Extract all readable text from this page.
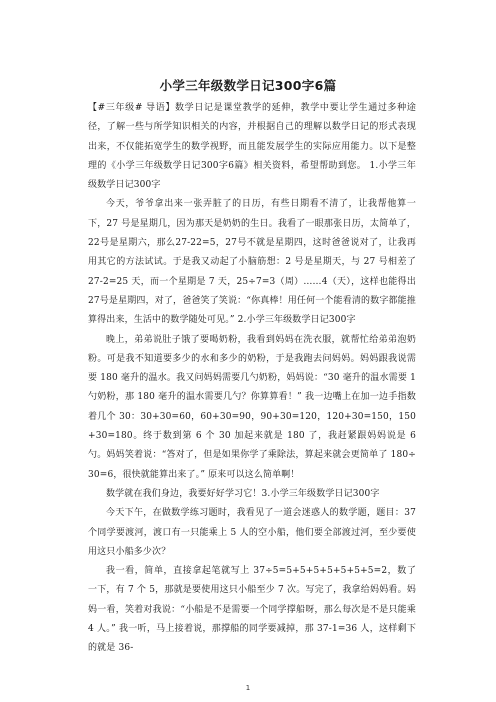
小学三年级数学日记300字6篇

【#三年级# 导语】数学日记是课堂教学的延伸，教学中要让学生通过多种途径，了解一些与所学知识相关的内容，并根据自己的理解以数学日记的形式表现出来，不仅能拓宽学生的数学视野，而且能发展学生的实际应用能力。以下是整理的《小学三年级数学日记300字6篇》相关资料，希望帮助到您。 1.小学三年级数学日记300字

今天，爷爷拿出来一张弄脏了的日历，有些日期看不清了，让我帮他算一下，27 号是星期几，因为那天是奶奶的生日。我看了一眼那张日历，太简单了，22号是星期六，那么27-22=5，27号不就是星期四，这时爸爸说对了，让我再用其它的方法试试。于是我又动起了小脑筋想：2 号是星期天，与 27 号相差了 27-2=25 天，而一个星期是 7 天，25÷7=3（周）……4（天），这样也能得出 27号是星期四，对了，爸爸笑了笑说：“你真棒！用任何一个能看清的数字都能推算得出来，生活中的数学随处可见。” 2.小学三年级数学日记300字

晚上，弟弟说肚子饿了要喝奶粉，我看到妈妈在洗衣服，就帮忙给弟弟泡奶粉。可是我不知道要多少的水和多少的奶粉，于是我跑去问妈妈。妈妈跟我说需要 180 毫升的温水。我又问妈妈需要几勺奶粉，妈妈说：“30 毫升的温水需要 1 勺奶粉，那 180 毫升的温水需要几勺？你算算看！” 我一边嘴上在加一边手指数着几个 30：30+30=60，60+30=90，90+30=120，120+30=150，150+30=180。终于数到第 6 个 30 加起来就是 180 了，我赶紧跟妈妈说是 6 勺。妈妈笑着说：“答对了，但是如果你学了乘除法，算起来就会更简单了 180÷30=6，很快就能算出来了。” 原来可以这么简单啊！

数学就在我们身边，我要好好学习它！3.小学三年级数学日记300字

今天下午，在做数学练习题时，我看见了一道会迷惑人的数学题，题目：37 个同学要渡河，渡口有一只能乘上 5 人的空小船，他们要全部渡过河，至少要使用这只小船多少次？

我一看，简单，直接拿起笔就写上 37÷5=5+5+5+5+5+5+5=2，数了一下，有 7 个 5，那就是要使用这只小船至少 7 次。写完了，我拿给妈妈看。妈妈一看，笑着对我说：“小船是不是需要一个同学撑船呀，那么每次是不是只能乘 4 人。” 我一听，马上接着说，那撑船的同学要减掉，那 37-1=36 人，这样剩下的就是 36-

1
